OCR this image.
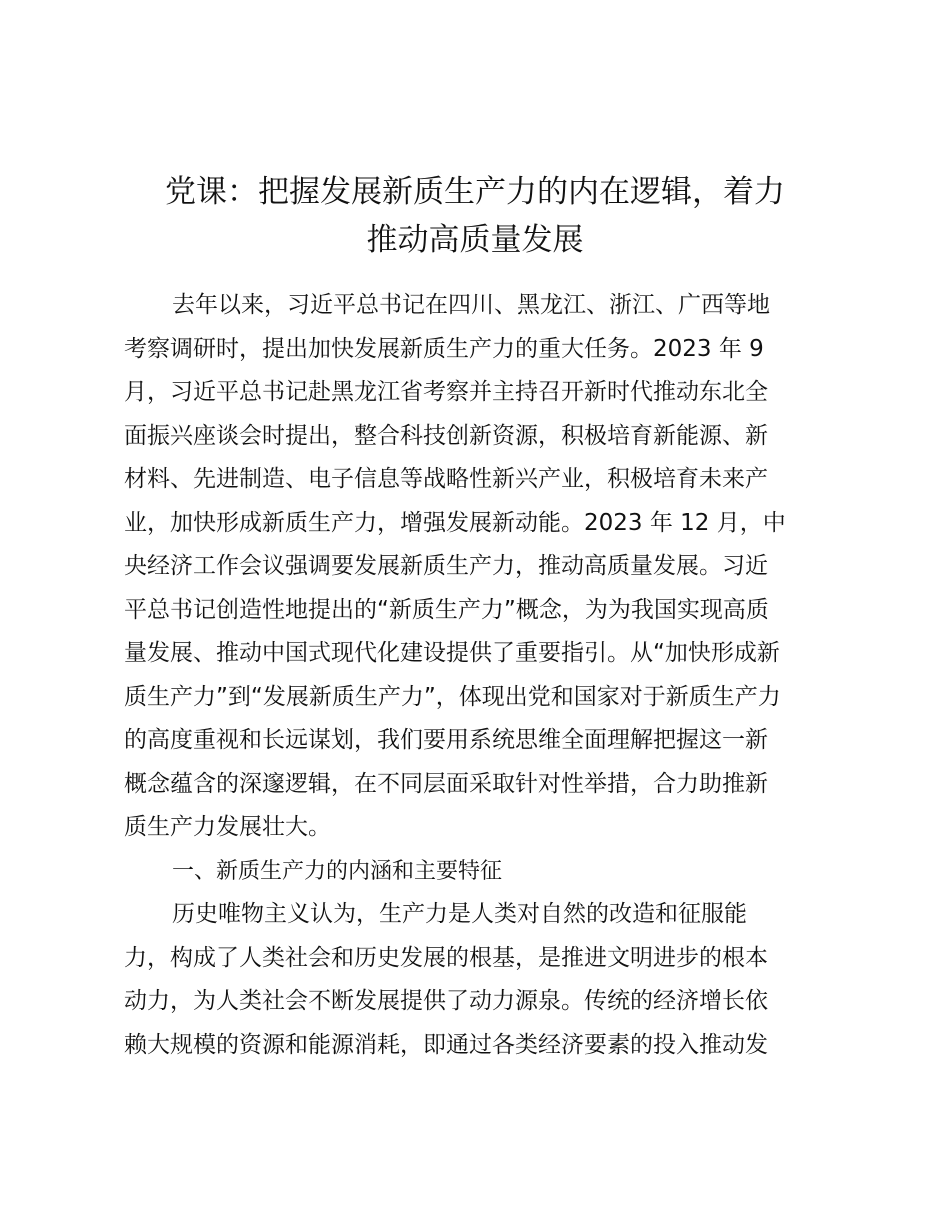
党课：把握发展新质生产力的内在逻辑，着力
推动高质量发展
去年以来，习近平总书记在四川、黑龙江、浙江、广西等地
考察调研时，提出加快发展新质生产力的重大任务。2023 年 9
月，习近平总书记赴黑龙江省考察并主持召开新时代推动东北全
面振兴座谈会时提出，整合科技创新资源，积极培育新能源、新
材料、先进制造、电子信息等战略性新兴产业，积极培育未来产
业，加快形成新质生产力，增强发展新动能。2023 年 12 月，中
央经济工作会议强调要发展新质生产力，推动高质量发展。习近
平总书记创造性地提出的“新质生产力”概念，为为我国实现高质
量发展、推动中国式现代化建设提供了重要指引。从“加快形成新
质生产力”到“发展新质生产力”，体现出党和国家对于新质生产力
的高度重视和长远谋划，我们要用系统思维全面理解把握这一新
概念蕴含的深邃逻辑，在不同层面采取针对性举措，合力助推新
质生产力发展壮大。
一、新质生产力的内涵和主要特征
历史唯物主义认为，生产力是人类对自然的改造和征服能
力，构成了人类社会和历史发展的根基，是推进文明进步的根本
动力，为人类社会不断发展提供了动力源泉。传统的经济增长依
赖大规模的资源和能源消耗，即通过各类经济要素的投入推动发
